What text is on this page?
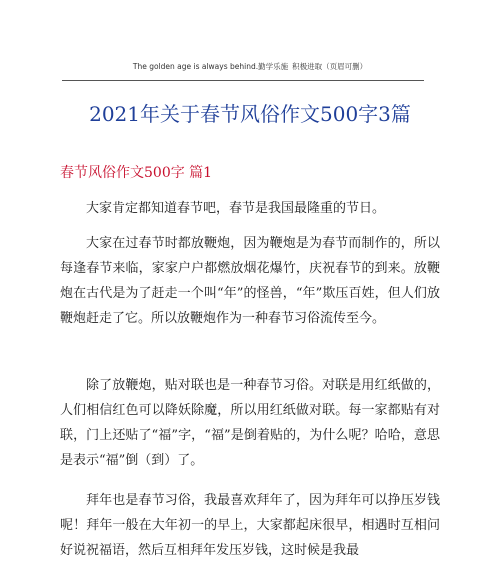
The golden age is always behind.勤学乐施 积极进取（页眉可删）
2021年关于春节风俗作文500字3篇
春节风俗作文500字 篇1

大家肯定都知道春节吧，春节是我国最隆重的节日。

大家在过春节时都放鞭炮，因为鞭炮是为春节而制作的，所以每逢春节来临，家家户户都燃放烟花爆竹，庆祝春节的到来。放鞭炮在古代是为了赶走一个叫“年”的怪兽，“年”欺压百姓，但人们放鞭炮赶走了它。所以放鞭炮作为一种春节习俗流传至今。

除了放鞭炮，贴对联也是一种春节习俗。对联是用红纸做的，人们相信红色可以降妖除魔，所以用红纸做对联。每一家都贴有对联，门上还贴了“福”字，“福”是倒着贴的，为什么呢？哈哈，意思是表示“福”倒（到）了。

拜年也是春节习俗，我最喜欢拜年了，因为拜年可以挣压岁钱呢！拜年一般在大年初一的早上，大家都起床很早，相遇时互相问好说祝福语，然后互相拜年发压岁钱，这时候是我最
